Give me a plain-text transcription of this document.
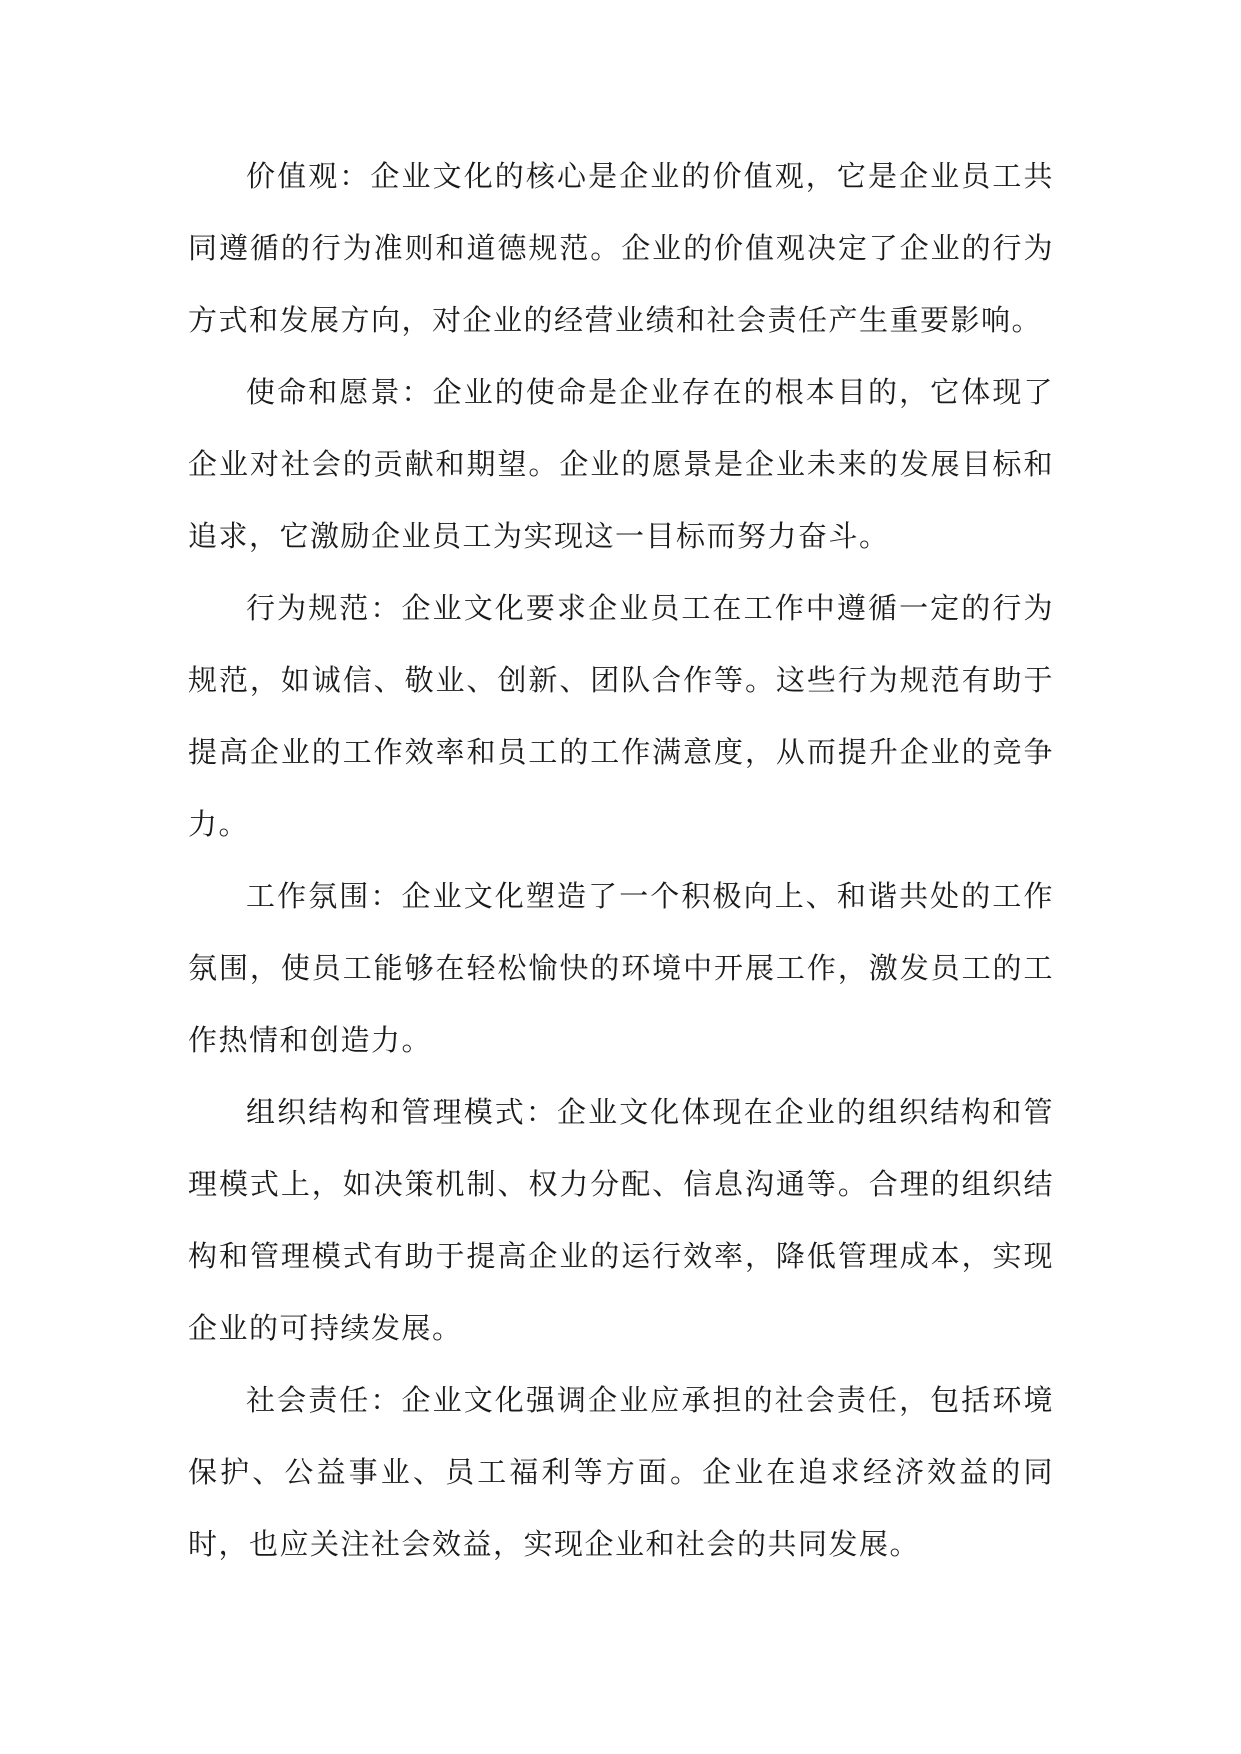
价值观：企业文化的核心是企业的价值观，它是企业员工共同遵循的行为准则和道德规范。企业的价值观决定了企业的行为方式和发展方向，对企业的经营业绩和社会责任产生重要影响。

使命和愿景：企业的使命是企业存在的根本目的，它体现了企业对社会的贡献和期望。企业的愿景是企业未来的发展目标和追求，它激励企业员工为实现这一目标而努力奋斗。

行为规范：企业文化要求企业员工在工作中遵循一定的行为规范，如诚信、敬业、创新、团队合作等。这些行为规范有助于提高企业的工作效率和员工的工作满意度，从而提升企业的竞争力。

工作氛围：企业文化塑造了一个积极向上、和谐共处的工作氛围，使员工能够在轻松愉快的环境中开展工作，激发员工的工作热情和创造力。

组织结构和管理模式：企业文化体现在企业的组织结构和管理模式上，如决策机制、权力分配、信息沟通等。合理的组织结构和管理模式有助于提高企业的运行效率，降低管理成本，实现企业的可持续发展。

社会责任：企业文化强调企业应承担的社会责任，包括环境保护、公益事业、员工福利等方面。企业在追求经济效益的同时，也应关注社会效益，实现企业和社会的共同发展。
